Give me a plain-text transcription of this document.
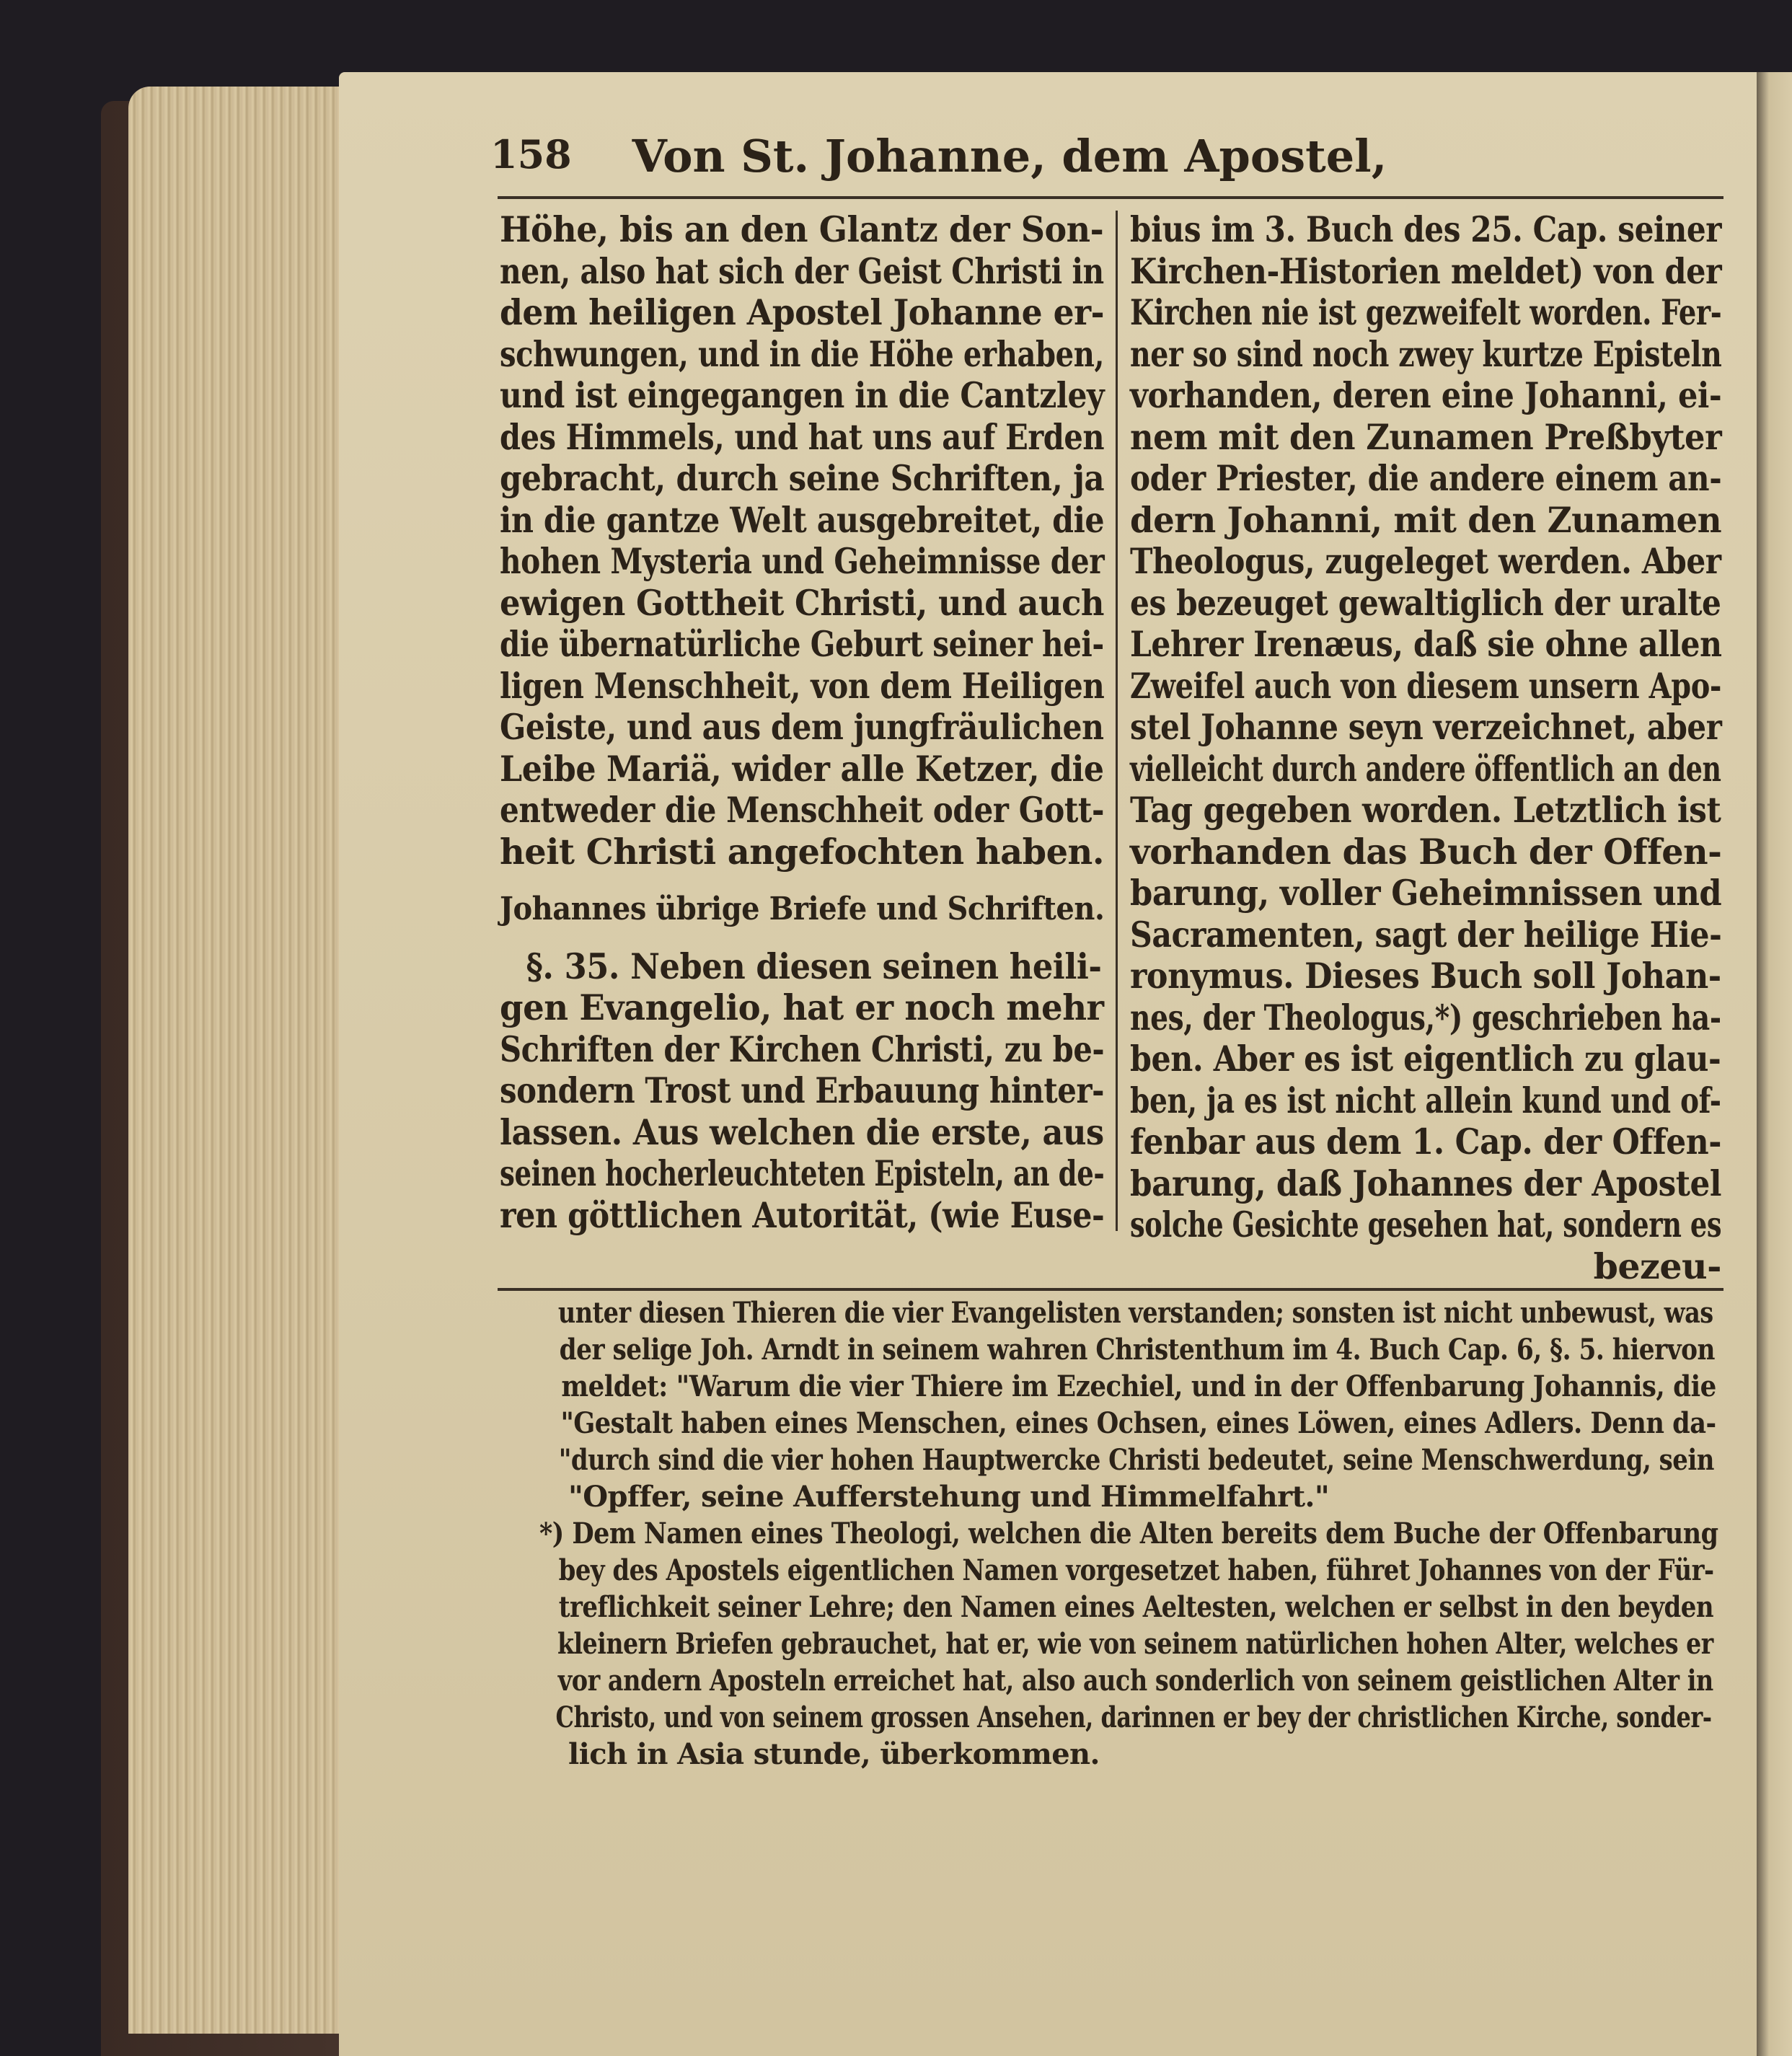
158	Von St. Johanne, dem Apostel,
Höhe, bis an den Glantz der Son-
nen, also hat sich der Geist Christi in
dem heiligen Apostel Johanne er-
schwungen, und in die Höhe erhaben,
und ist eingegangen in die Cantzley
des Himmels, und hat uns auf Erden
gebracht, durch seine Schriften, ja
in die gantze Welt ausgebreitet, die
hohen Mysteria und Geheimnisse der
ewigen Gottheit Christi, und auch
die übernatürliche Geburt seiner hei-
ligen Menschheit, von dem Heiligen
Geiste, und aus dem jungfräulichen
Leibe Mariä, wider alle Ketzer, die
entweder die Menschheit oder Gott-
heit Christi angefochten haben.
Johannes übrige Briefe und Schriften.
§. 35. Neben diesen seinen heili-
gen Evangelio, hat er noch mehr
Schriften der Kirchen Christi, zu be-
sondern Trost und Erbauung hinter-
lassen. Aus welchen die erste, aus
seinen hocherleuchteten Episteln, an de-
ren göttlichen Autorität, (wie Euse-
bius im 3. Buch des 25. Cap. seiner
Kirchen-Historien meldet) von der
Kirchen nie ist gezweifelt worden. Fer-
ner so sind noch zwey kurtze Episteln
vorhanden, deren eine Johanni, ei-
nem mit den Zunamen Preßbyter
oder Priester, die andere einem an-
dern Johanni, mit den Zunamen
Theologus, zugeleget werden. Aber
es bezeuget gewaltiglich der uralte
Lehrer Irenæus, daß sie ohne allen
Zweifel auch von diesem unsern Apo-
stel Johanne seyn verzeichnet, aber
vielleicht durch andere öffentlich an den
Tag gegeben worden. Letztlich ist
vorhanden das Buch der Offen-
barung, voller Geheimnissen und
Sacramenten, sagt der heilige Hie-
ronymus. Dieses Buch soll Johan-
nes, der Theologus,*) geschrieben ha-
ben. Aber es ist eigentlich zu glau-
ben, ja es ist nicht allein kund und of-
fenbar aus dem 1. Cap. der Offen-
barung, daß Johannes der Apostel
solche Gesichte gesehen hat, sondern es
bezeu-
unter diesen Thieren die vier Evangelisten verstanden; sonsten ist nicht unbewust, was
der selige Joh. Arndt in seinem wahren Christenthum im 4. Buch Cap. 6, §. 5. hiervon
meldet: "Warum die vier Thiere im Ezechiel, und in der Offenbarung Johannis, die
"Gestalt haben eines Menschen, eines Ochsen, eines Löwen, eines Adlers. Denn da-
"durch sind die vier hohen Hauptwercke Christi bedeutet, seine Menschwerdung, sein
"Opffer, seine Aufferstehung und Himmelfahrt."
*) Dem Namen eines Theologi, welchen die Alten bereits dem Buche der Offenbarung
bey des Apostels eigentlichen Namen vorgesetzet haben, führet Johannes von der Für-
treflichkeit seiner Lehre; den Namen eines Aeltesten, welchen er selbst in den beyden
kleinern Briefen gebrauchet, hat er, wie von seinem natürlichen hohen Alter, welches er
vor andern Aposteln erreichet hat, also auch sonderlich von seinem geistlichen Alter in
Christo, und von seinem grossen Ansehen, darinnen er bey der christlichen Kirche, sonder-
lich in Asia stunde, überkommen.
